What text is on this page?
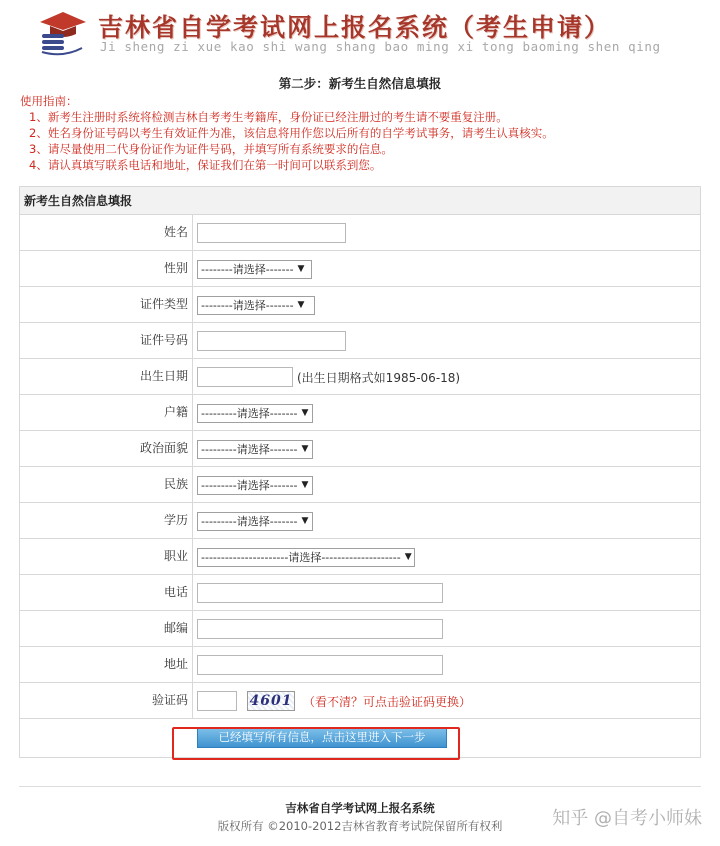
吉林省自学考试网上报名系统（考生申请）
Ji sheng zi xue kao shi wang shang bao ming xi tong baoming shen qing
第二步：新考生自然信息填报
使用指南：
1、新考生注册时系统将检测吉林自考考生考籍库，身份证已经注册过的考生请不要重复注册。
2、姓名身份证号码以考生有效证件为准，该信息将用作您以后所有的自学考试事务，请考生认真核实。
3、请尽量使用二代身份证作为证件号码，并填写所有系统要求的信息。
4、请认真填写联系电话和地址，保证我们在第一时间可以联系到您。
新考生自然信息填报
姓名
性别	--------请选择------- ▼
证件类型	--------请选择------- ▼
证件号码
出生日期	(出生日期格式如1985-06-18)
户籍	---------请选择------- ▼
政治面貌	---------请选择------- ▼
民族	---------请选择------- ▼
学历	---------请选择------- ▼
职业	----------------------请选择-------------------- ▼
电话
邮编
地址
验证码	4601 （看不清？可点击验证码更换）
已经填写所有信息，点击这里进入下一步
吉林省自学考试网上报名系统
版权所有 ©2010-2012吉林省教育考试院保留所有权利	知乎 @自考小师妹
